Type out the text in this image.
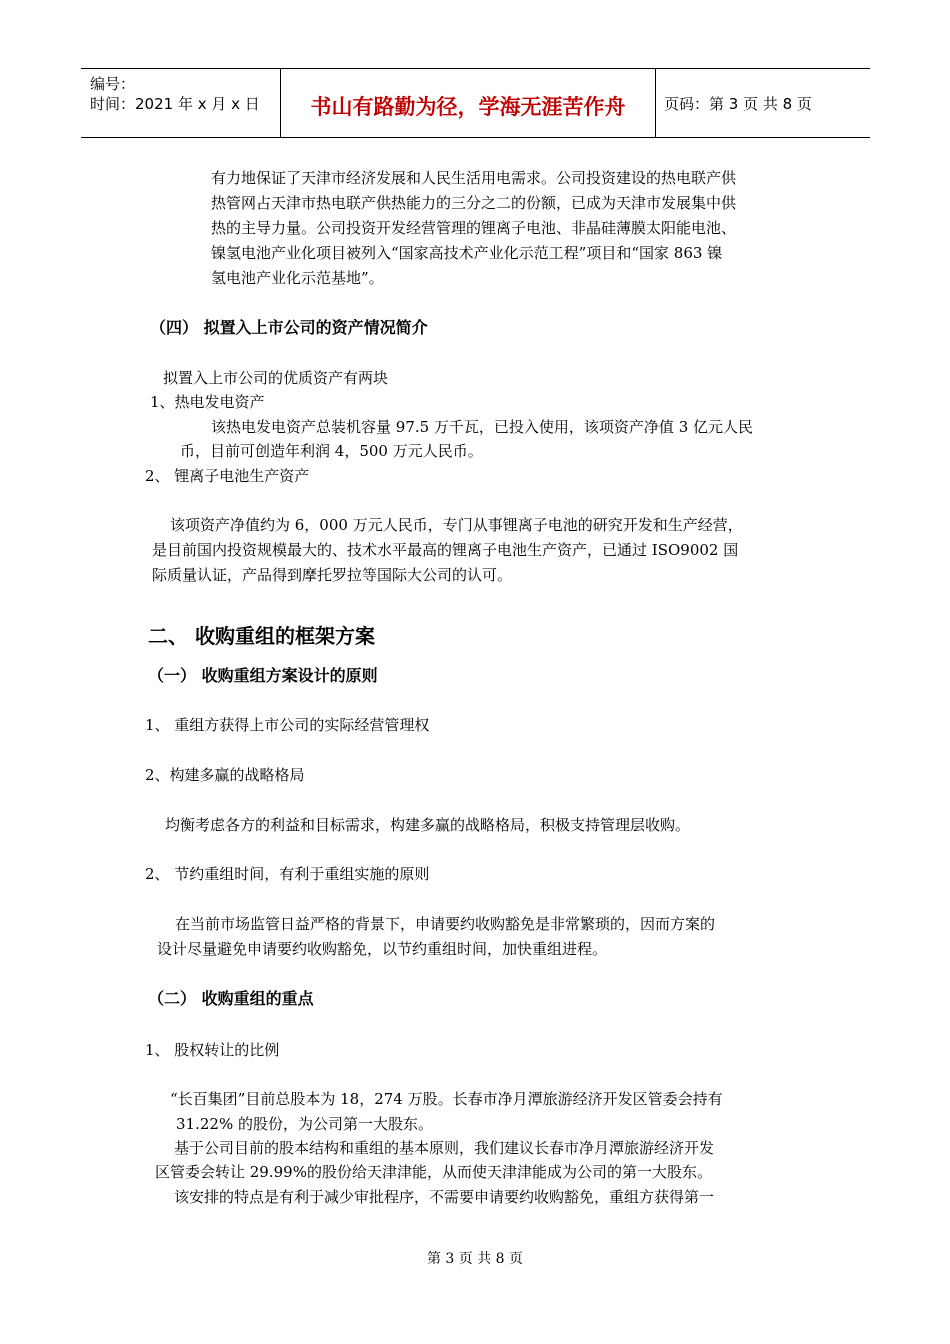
编号：
时间：2021 年 x 月 x 日	书山有路勤为径，学海无涯苦作舟	页码：第 3 页 共 8 页
有力地保证了天津市经济发展和人民生活用电需求。公司投资建设的热电联产供
热管网占天津市热电联产供热能力的三分之二的份额，已成为天津市发展集中供
热的主导力量。公司投资开发经营管理的锂离子电池、非晶硅薄膜太阳能电池、
镍氢电池产业化项目被列入“国家高技术产业化示范工程”项目和“国家 863 镍
氢电池产业化示范基地”。
（四） 拟置入上市公司的资产情况简介
拟置入上市公司的优质资产有两块
1、热电发电资产
该热电发电资产总装机容量 97.5 万千瓦，已投入使用，该项资产净值 3 亿元人民
币，目前可创造年利润 4，500 万元人民币。
2、 锂离子电池生产资产
该项资产净值约为 6，000 万元人民币，专门从事锂离子电池的研究开发和生产经营，
是目前国内投资规模最大的、技术水平最高的锂离子电池生产资产，已通过 ISO9002 国
际质量认证，产品得到摩托罗拉等国际大公司的认可。
二、 收购重组的框架方案
（一） 收购重组方案设计的原则
1、 重组方获得上市公司的实际经营管理权
2、构建多赢的战略格局
均衡考虑各方的利益和目标需求，构建多赢的战略格局，积极支持管理层收购。
2、 节约重组时间，有利于重组实施的原则
在当前市场监管日益严格的背景下，申请要约收购豁免是非常繁琐的，因而方案的
设计尽量避免申请要约收购豁免，以节约重组时间，加快重组进程。
（二） 收购重组的重点
1、 股权转让的比例
“长百集团”目前总股本为 18，274 万股。长春市净月潭旅游经济开发区管委会持有
31.22% 的股份，为公司第一大股东。
基于公司目前的股本结构和重组的基本原则，我们建议长春市净月潭旅游经济开发
区管委会转让 29.99%的股份给天津津能，从而使天津津能成为公司的第一大股东。
该安排的特点是有利于减少审批程序，不需要申请要约收购豁免，重组方获得第一
第 3 页 共 8 页
